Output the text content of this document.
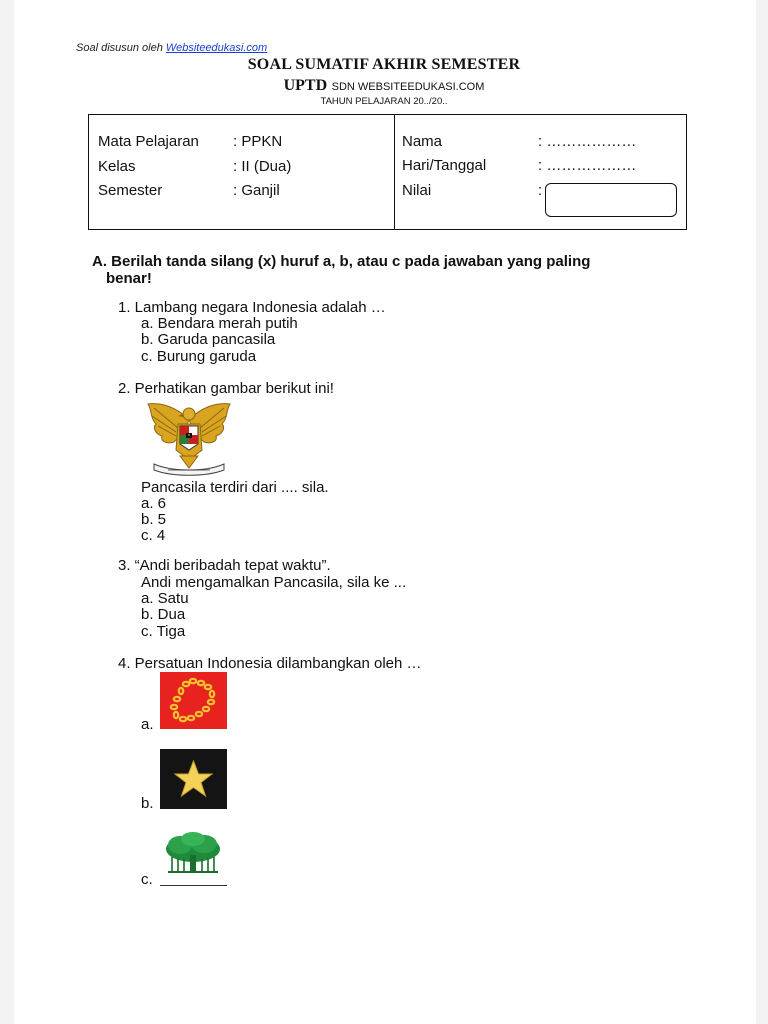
Soal disusun oleh Websiteedukasi.com
SOAL SUMATIF AKHIR SEMESTER
UPTD SDN WEBSITEEDUKASI.COM
TAHUN PELAJARAN 20../20..
Mata Pelajaran : PPKN
Kelas	: II (Dua)
Semester	: Ganjil
Nama	: ………………
Hari/Tanggal	: ………………
Nilai	:
A. Berilah tanda silang (x) huruf a, b, atau c pada jawaban yang paling
benar!
1. Lambang negara Indonesia adalah …
a. Bendara merah putih
b. Garuda pancasila
c. Burung garuda
2. Perhatikan gambar berikut ini!
Pancasila terdiri dari .... sila.
a. 6
b. 5
c. 4
3. “Andi beribadah tepat waktu”.
Andi mengamalkan Pancasila, sila ke ...
a. Satu
b. Dua
c. Tiga
4. Persatuan Indonesia dilambangkan oleh …
a.
b.
c.
